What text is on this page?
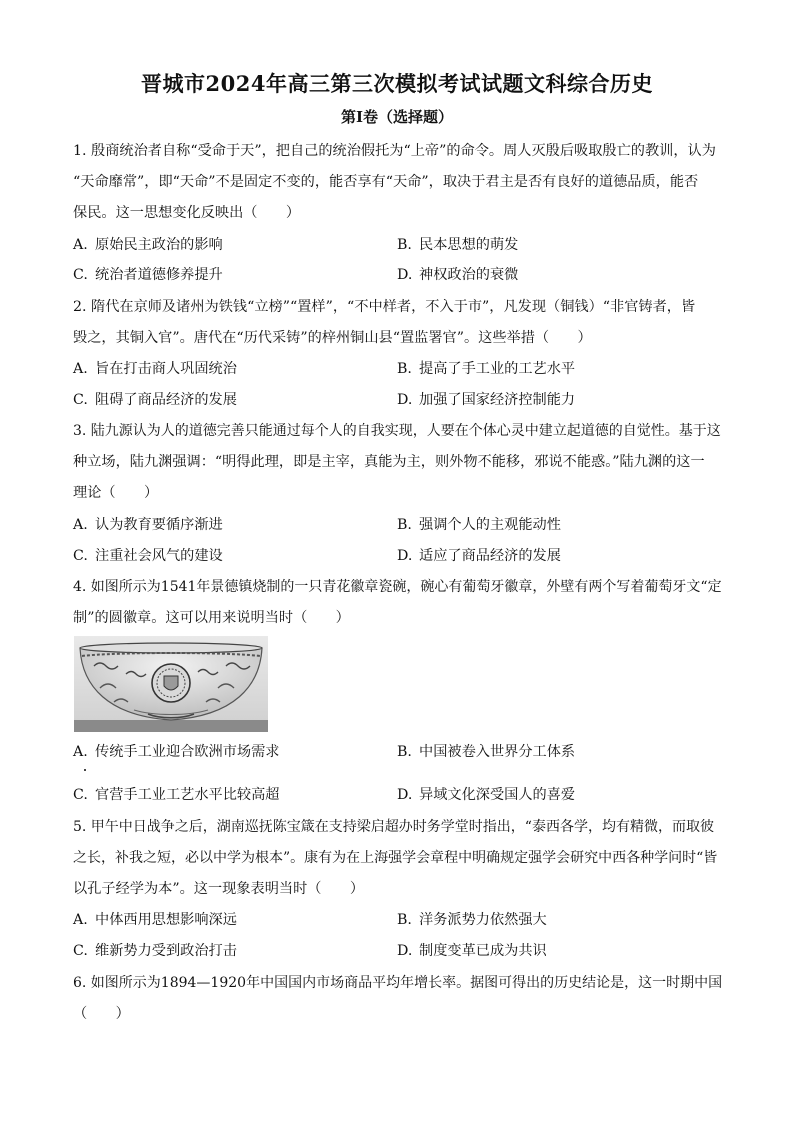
晋城市2024年高三第三次模拟考试试题文科综合历史
第I卷（选择题）
1. 殷商统治者自称“受命于天”，把自己的统治假托为“上帝”的命令。周人灭殷后吸取殷亡的教训，认为
“天命靡常”，即“天命”不是固定不变的，能否享有“天命”，取决于君主是否有良好的道德品质，能否
保民。这一思想变化反映出（　　）
A. 原始民主政治的影响	B. 民本思想的萌发
C. 统治者道德修养提升	D. 神权政治的衰微
2. 隋代在京师及诸州为铁钱“立榜”“置样”，“不中样者，不入于市”，凡发现（铜钱）“非官铸者，皆
毁之，其铜入官”。唐代在“历代采铸”的梓州铜山县“置监署官”。这些举措（　　）
A. 旨在打击商人巩固统治	B. 提高了手工业的工艺水平
C. 阻碍了商品经济的发展	D. 加强了国家经济控制能力
3. 陆九源认为人的道德完善只能通过每个人的自我实现，人要在个体心灵中建立起道德的自觉性。基于这
种立场，陆九渊强调：“明得此理，即是主宰，真能为主，则外物不能移，邪说不能惑。”陆九渊的这一
理论（　　）
A. 认为教育要循序渐进	B. 强调个人的主观能动性
C. 注重社会风气的建设	D. 适应了商品经济的发展
4. 如图所示为1541年景德镇烧制的一只青花徽章瓷碗，碗心有葡萄牙徽章，外壁有两个写着葡萄牙文“定
制”的圆徽章。这可以用来说明当时（　　）
A. 传统手工业迎合欧洲市场需求	B. 中国被卷入世界分工体系
C. 官营手工业工艺水平比较高超	D. 异域文化深受国人的喜爱
5. 甲午中日战争之后，湖南巡抚陈宝箴在支持梁启超办时务学堂时指出，“泰西各学，均有精微，而取彼
之长，补我之短，必以中学为根本”。康有为在上海强学会章程中明确规定强学会研究中西各种学问时“皆
以孔子经学为本”。这一现象表明当时（　　）
A. 中体西用思想影响深远	B. 洋务派势力依然强大
C. 维新势力受到政治打击	D. 制度变革已成为共识
6. 如图所示为1894—1920年中国国内市场商品平均年增长率。据图可得出的历史结论是，这一时期中国
（　　）
